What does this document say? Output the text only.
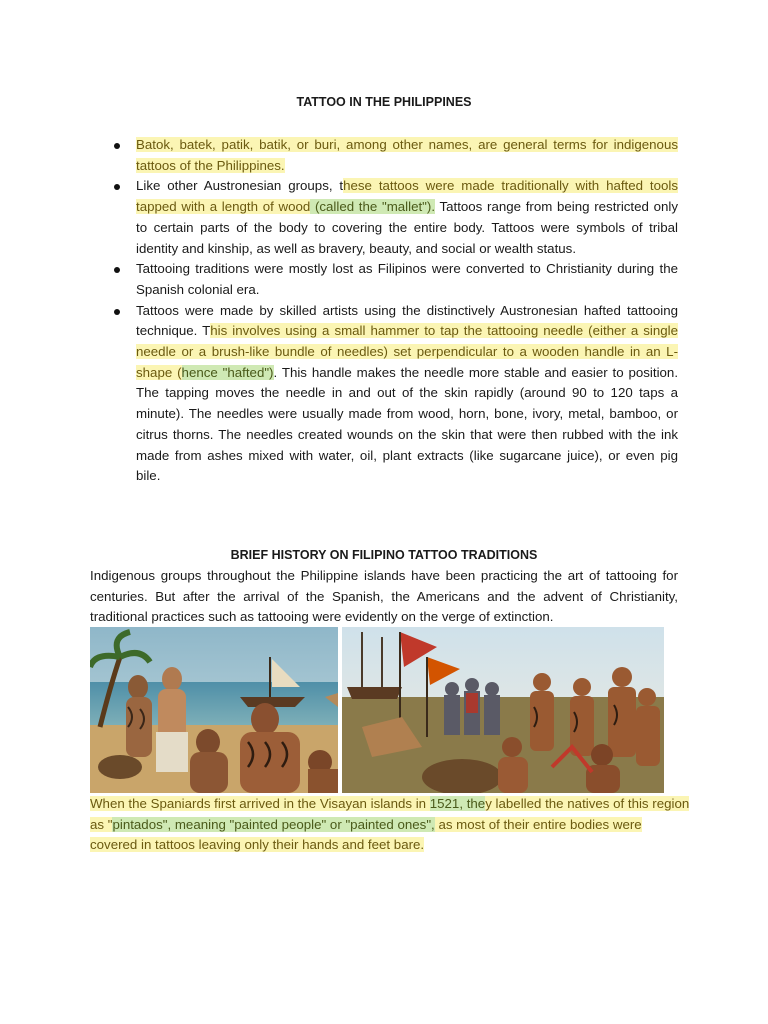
TATTOO IN THE PHILIPPINES
Batok, batek, patik, batik, or buri, among other names, are general terms for indigenous tattoos of the Philippines.
Like other Austronesian groups, these tattoos were made traditionally with hafted tools tapped with a length of wood (called the "mallet"). Tattoos range from being restricted only to certain parts of the body to covering the entire body. Tattoos were symbols of tribal identity and kinship, as well as bravery, beauty, and social or wealth status.
Tattooing traditions were mostly lost as Filipinos were converted to Christianity during the Spanish colonial era.
Tattoos were made by skilled artists using the distinctively Austronesian hafted tattooing technique. This involves using a small hammer to tap the tattooing needle (either a single needle or a brush-like bundle of needles) set perpendicular to a wooden handle in an L-shape (hence "hafted"). This handle makes the needle more stable and easier to position. The tapping moves the needle in and out of the skin rapidly (around 90 to 120 taps a minute). The needles were usually made from wood, horn, bone, ivory, metal, bamboo, or citrus thorns. The needles created wounds on the skin that were then rubbed with the ink made from ashes mixed with water, oil, plant extracts (like sugarcane juice), or even pig bile.
BRIEF HISTORY ON FILIPINO TATTOO TRADITIONS

Indigenous groups throughout the Philippine islands have been practicing the art of tattooing for centuries. But after the arrival of the Spanish, the Americans and the advent of Christianity, traditional practices such as tattooing were evidently on the verge of extinction.

When the Spaniards first arrived in the Visayan islands in 1521, they labelled the natives of this region as "pintados", meaning "painted people" or "painted ones", as most of their entire bodies were covered in tattoos leaving only their hands and feet bare.
